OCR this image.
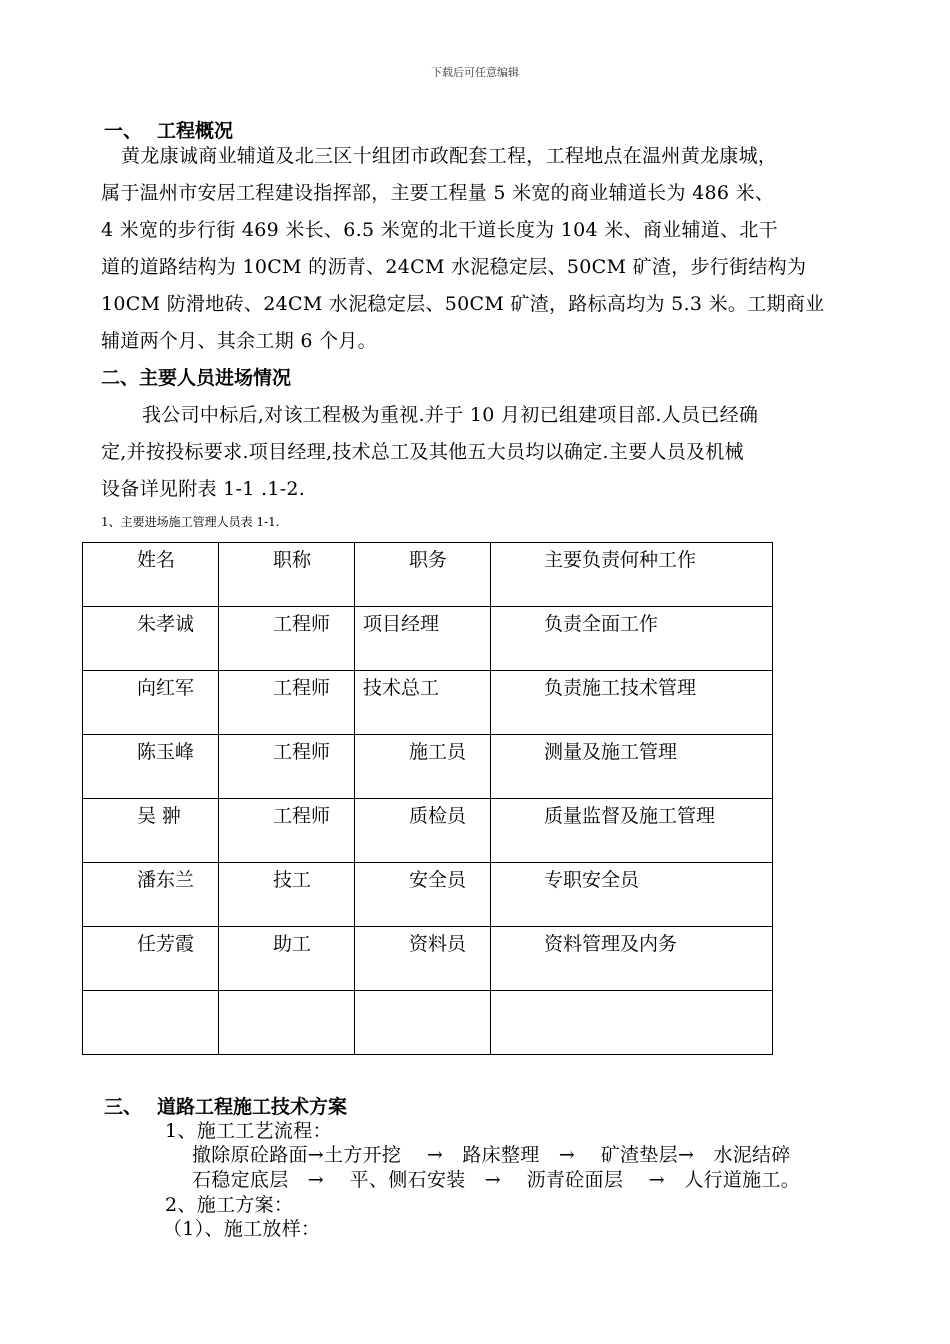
下载后可任意编辑
一、 工程概况
黄龙康诚商业辅道及北三区十组团市政配套工程，工程地点在温州黄龙康城，
属于温州市安居工程建设指挥部，主要工程量 5 米宽的商业辅道长为 486 米、
4 米宽的步行街 469 米长、6.5 米宽的北干道长度为 104 米、商业辅道、北干
道的道路结构为 10CM 的沥青、24CM 水泥稳定层、50CM 矿渣，步行街结构为
10CM 防滑地砖、24CM 水泥稳定层、50CM 矿渣，路标高均为 5.3 米。工期商业
辅道两个月、其余工期 6 个月。
二、主要人员进场情况
我公司中标后,对该工程极为重视.并于 10 月初已组建项目部.人员已经确
定,并按投标要求.项目经理,技术总工及其他五大员均以确定.主要人员及机械
设备详见附表 1-1 .1-2.
1、主要进场施工管理人员表 1-1.
姓名	职称	职务	主要负责何种工作

朱孝诚	工程师	项目经理	负责全面工作

向红军	工程师	技术总工	负责施工技术管理

陈玉峰	工程师	施工员	测量及施工管理

吴 翀	工程师	质检员	质量监督及施工管理

潘东兰	技工	安全员	专职安全员

任芳霞	助工	资料员	资料管理及内务

三、 道路工程施工技术方案
1、施工工艺流程：
撤除原砼路面→土方开挖　 →　路床整理　→　 矿渣垫层→　水泥结碎
石稳定底层　→　 平、侧石安装　→　 沥青砼面层　 →　人行道施工。
2、施工方案：
（1）、施工放样：
